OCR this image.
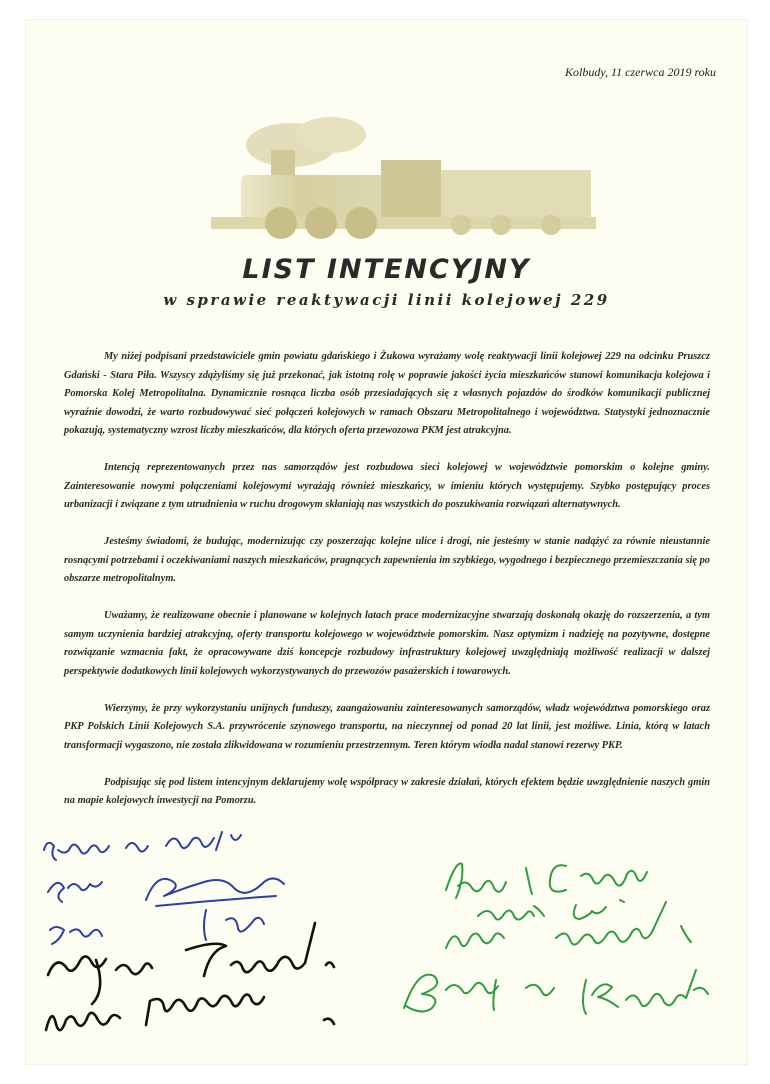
Kolbudy, 11 czerwca 2019 roku
LIST INTENCYJNY
w sprawie reaktywacji linii kolejowej 229

My niżej podpisani przedstawiciele gmin powiatu gdańskiego i Żukowa wyrażamy wolę reaktywacji linii kolejowej 229 na odcinku Pruszcz Gdański - Stara Piła. Wszyscy zdążyliśmy się już przekonać, jak istotną rolę w poprawie jakości życia mieszkańców stanowi komunikacja kolejowa i Pomorska Kolej Metropolitalna. Dynamicznie rosnąca liczba osób przesiadających się z własnych pojazdów do środków komunikacji publicznej wyraźnie dowodzi, że warto rozbudowywać sieć połączeń kolejowych w ramach Obszaru Metropolitalnego i województwa. Statystyki jednoznacznie pokazują, systematyczny wzrost liczby mieszkańców, dla których oferta przewozowa PKM jest atrakcyjna.

Intencją reprezentowanych przez nas samorządów jest rozbudowa sieci kolejowej w województwie pomorskim o kolejne gminy. Zainteresowanie nowymi połączeniami kolejowymi wyrażają również mieszkańcy, w imieniu których występujemy. Szybko postępujący proces urbanizacji i związane z tym utrudnienia w ruchu drogowym skłaniają nas wszystkich do poszukiwania rozwiązań alternatywnych.

Jesteśmy świadomi, że budując, modernizując czy poszerzając kolejne ulice i drogi, nie jesteśmy w stanie nadążyć za równie nieustannie rosnącymi potrzebami i oczekiwaniami naszych mieszkańców, pragnących zapewnienia im szybkiego, wygodnego i bezpiecznego przemieszczania się po obszarze metropolitalnym.

Uważamy, że realizowane obecnie i planowane w kolejnych latach prace modernizacyjne stwarzają doskonałą okazję do rozszerzenia, a tym samym uczynienia bardziej atrakcyjną, oferty transportu kolejowego w województwie pomorskim. Nasz optymizm i nadzieję na pozytywne, dostępne rozwiązanie wzmacnia fakt, że opracowywane dziś koncepcje rozbudowy infrastruktury kolejowej uwzględniają możliwość realizacji w dalszej perspektywie dodatkowych linii kolejowych wykorzystywanych do przewozów pasażerskich i towarowych.

Wierzymy, że przy wykorzystaniu unijnych funduszy, zaangażowaniu zainteresowanych samorządów, władz województwa pomorskiego oraz PKP Polskich Linii Kolejowych S.A. przywrócenie szynowego transportu, na nieczynnej od ponad 20 lat linii, jest możliwe. Linia, którą w latach transformacji wygaszono, nie została zlikwidowana w rozumieniu przestrzennym. Teren którym wiodła nadal stanowi rezerwy PKP.

Podpisując się pod listem intencyjnym deklarujemy wolę współpracy w zakresie działań, których efektem będzie uwzględnienie naszych gmin na mapie kolejowych inwestycji na Pomorzu.
